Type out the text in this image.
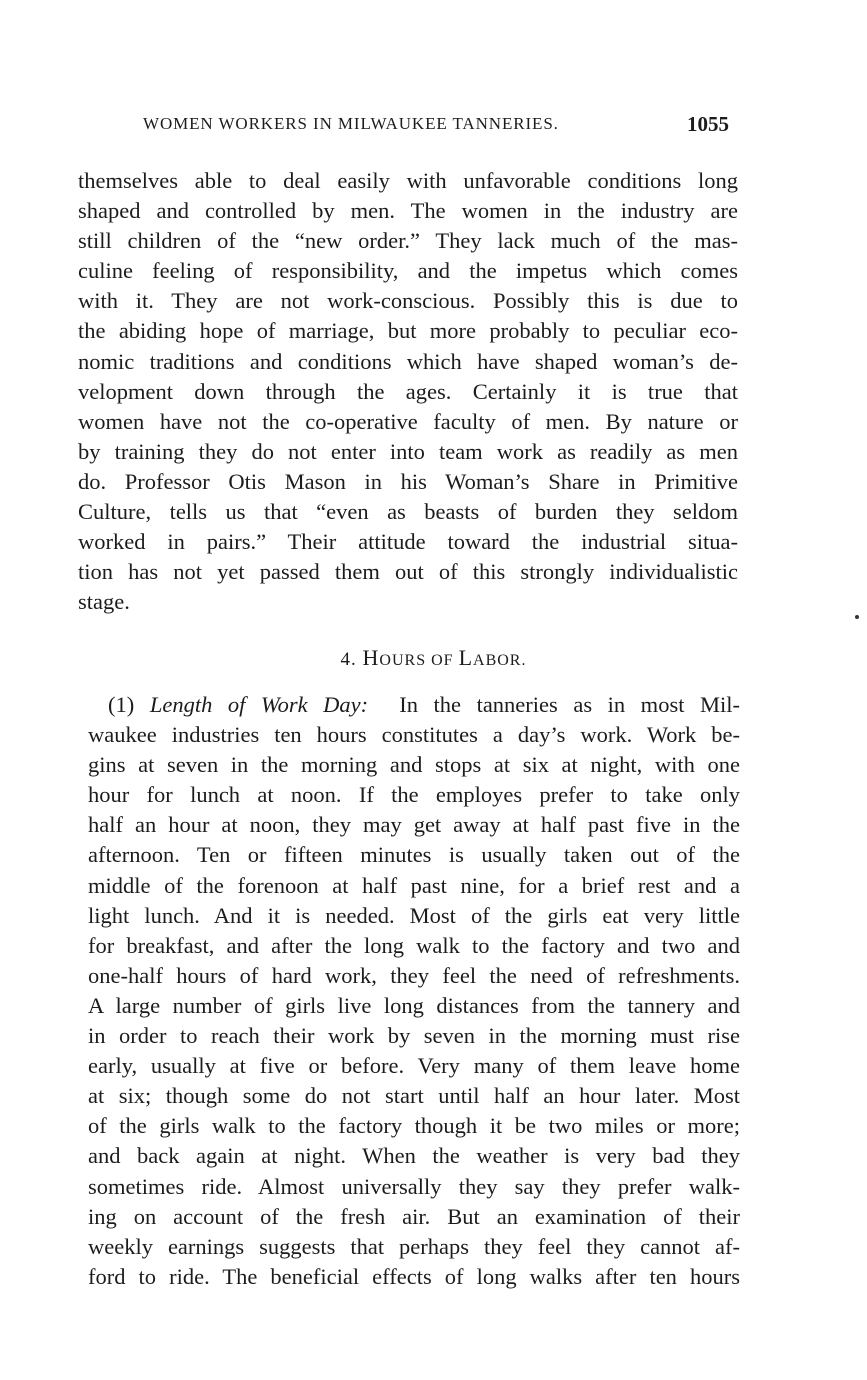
WOMEN WORKERS IN MILWAUKEE TANNERIES.	1055
themselves able to deal easily with unfavorable conditions long
shaped and controlled by men. The women in the industry are
still children of the “new order.” They lack much of the mas-
culine feeling of responsibility, and the impetus which comes
with it. They are not work-conscious. Possibly this is due to
the abiding hope of marriage, but more probably to peculiar eco-
nomic traditions and conditions which have shaped woman’s de-
velopment down through the ages. Certainly it is true that
women have not the co-operative faculty of men. By nature or
by training they do not enter into team work as readily as men
do. Professor Otis Mason in his Woman’s Share in Primitive
Culture, tells us that “even as beasts of burden they seldom
worked in pairs.” Their attitude toward the industrial situa-
tion has not yet passed them out of this strongly individualistic
stage.
4. HOURS OF LABOR.
(1) Length of Work Day: In the tanneries as in most Mil-
waukee industries ten hours constitutes a day’s work. Work be-
gins at seven in the morning and stops at six at night, with one
hour for lunch at noon. If the employes prefer to take only
half an hour at noon, they may get away at half past five in the
afternoon. Ten or fifteen minutes is usually taken out of the
middle of the forenoon at half past nine, for a brief rest and a
light lunch. And it is needed. Most of the girls eat very little
for breakfast, and after the long walk to the factory and two and
one-half hours of hard work, they feel the need of refreshments.
A large number of girls live long distances from the tannery and
in order to reach their work by seven in the morning must rise
early, usually at five or before. Very many of them leave home
at six; though some do not start until half an hour later. Most
of the girls walk to the factory though it be two miles or more;
and back again at night. When the weather is very bad they
sometimes ride. Almost universally they say they prefer walk-
ing on account of the fresh air. But an examination of their
weekly earnings suggests that perhaps they feel they cannot af-
ford to ride. The beneficial effects of long walks after ten hours
